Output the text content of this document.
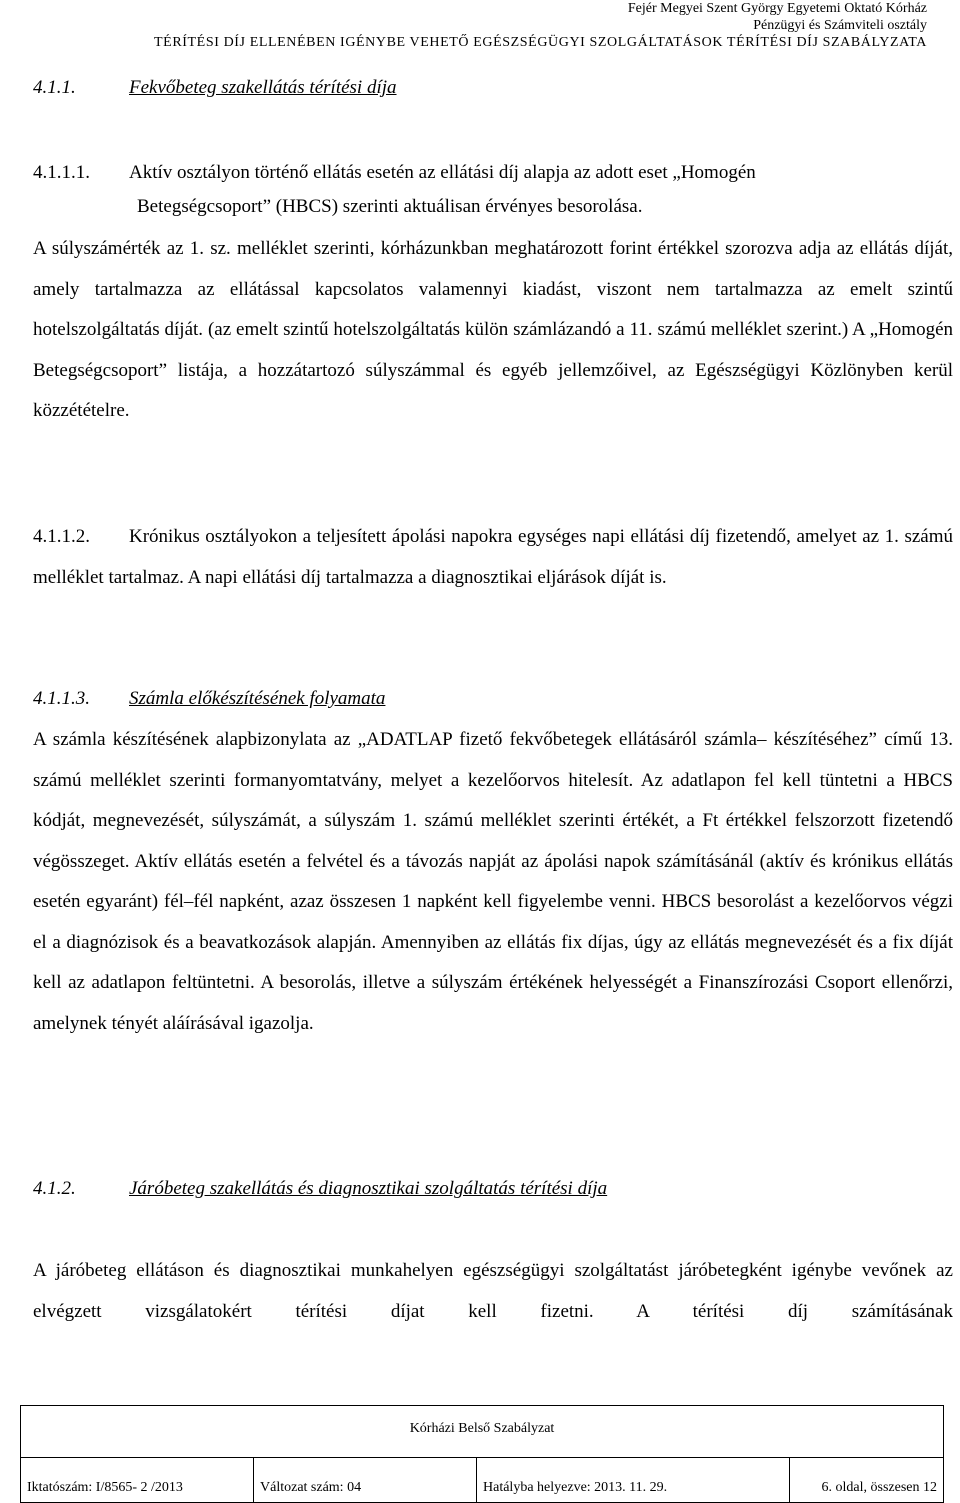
Fejér Megyei Szent György Egyetemi Oktató Kórház
Pénzügyi és Számviteli osztály
TÉRÍTÉSI DÍJ ELLENÉBEN IGÉNYBE VEHETŐ EGÉSZSÉGÜGYI SZOLGÁLTATÁSOK TÉRÍTÉSI DÍJ SZABÁLYZATA
4.1.1.	Fekvőbeteg szakellátás térítési díja
4.1.1.1. Aktív osztályon történő ellátás esetén az ellátási díj alapja az adott eset „Homogén
Betegségcsoport” (HBCS) szerinti aktuálisan érvényes besorolása.
A súlyszámérték az 1. sz. melléklet szerinti, kórházunkban meghatározott forint értékkel szorozva adja az ellátás díját, amely tartalmazza az ellátással kapcsolatos valamennyi kiadást, viszont nem tartalmazza az emelt szintű hotelszolgáltatás díját. (az emelt szintű hotelszolgáltatás külön számlázandó a 11. számú melléklet szerint.) A „Homogén Betegségcsoport” listája, a hozzátartozó súlyszámmal és egyéb jellemzőivel, az Egészségügyi Közlönyben kerül közzétételre.
4.1.1.2. Krónikus osztályokon a teljesített ápolási napokra egységes napi ellátási díj fizetendő, amelyet az 1. számú melléklet tartalmaz. A napi ellátási díj tartalmazza a diagnosztikai eljárások díját is.
4.1.1.3. Számla előkészítésének folyamata
A számla készítésének alapbizonylata az „ADATLAP fizető fekvőbetegek ellátásáról számla– készítéséhez” című 13. számú melléklet szerinti formanyomtatvány, melyet a kezelőorvos hitelesít. Az adatlapon fel kell tüntetni a HBCS kódját, megnevezését, súlyszámát, a súlyszám 1. számú melléklet szerinti értékét, a Ft értékkel felszorzott fizetendő végösszeget. Aktív ellátás esetén a felvétel és a távozás napját az ápolási napok számításánál (aktív és krónikus ellátás esetén egyaránt) fél–fél napként, azaz összesen 1 napként kell figyelembe venni. HBCS besorolást a kezelőorvos végzi el a diagnózisok és a beavatkozások alapján. Amennyiben az ellátás fix díjas, úgy az ellátás megnevezését és a fix díját kell az adatlapon feltüntetni. A besorolás, illetve a súlyszám értékének helyességét a Finanszírozási Csoport ellenőrzi, amelynek tényét aláírásával igazolja.
4.1.2.	Járóbeteg szakellátás és diagnosztikai szolgáltatás térítési díja
A járóbeteg ellátáson és diagnosztikai munkahelyen egészségügyi szolgáltatást járóbetegként igénybe vevőnek az elvégzett vizsgálatokért térítési díjat kell fizetni. A térítési díj számításának
Kórházi Belső Szabályzat
Iktatószám: I/8565- 2 /2013	Változat szám: 04	Hatályba helyezve: 2013. 11. 29.	6. oldal, összesen 12
